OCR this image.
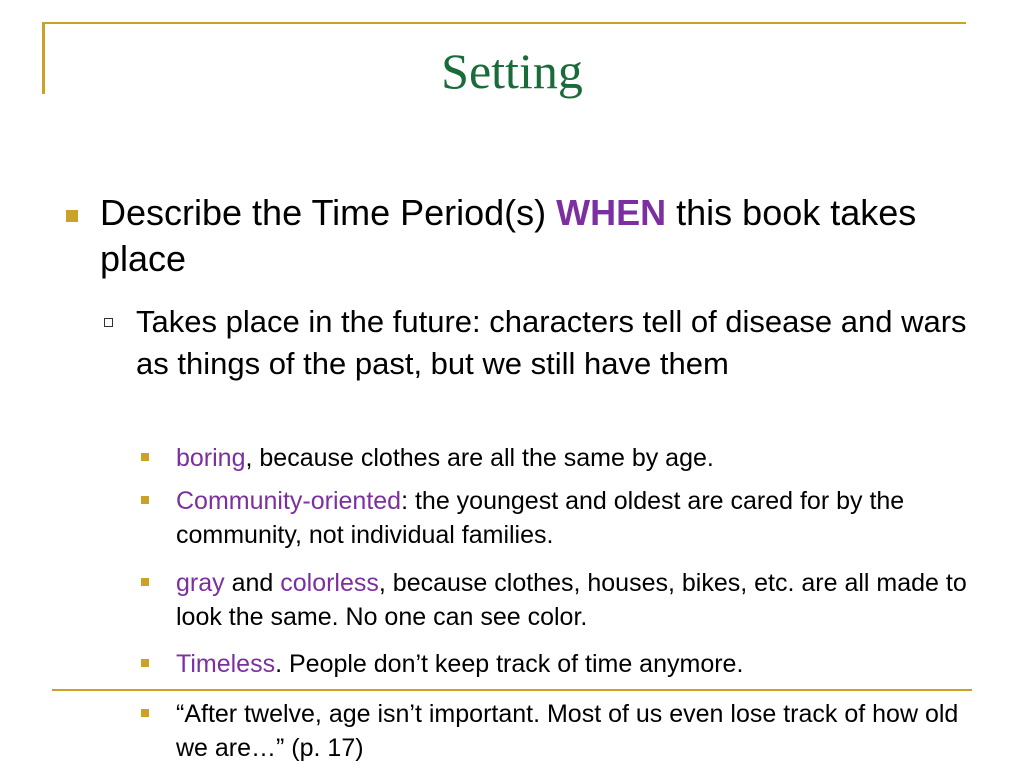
Setting
Describe the Time Period(s) WHEN this book takes place
Takes place in the future: characters tell of disease and wars as things of the past, but we still have them
boring, because clothes are all the same by age.
Community-oriented: the youngest and oldest are cared for by the community, not individual families.
gray and colorless, because clothes, houses, bikes, etc. are all made to look the same. No one can see color.
Timeless. People don’t keep track of time anymore.
“After twelve, age isn’t important. Most of us even lose track of how old we are…” (p. 17)
